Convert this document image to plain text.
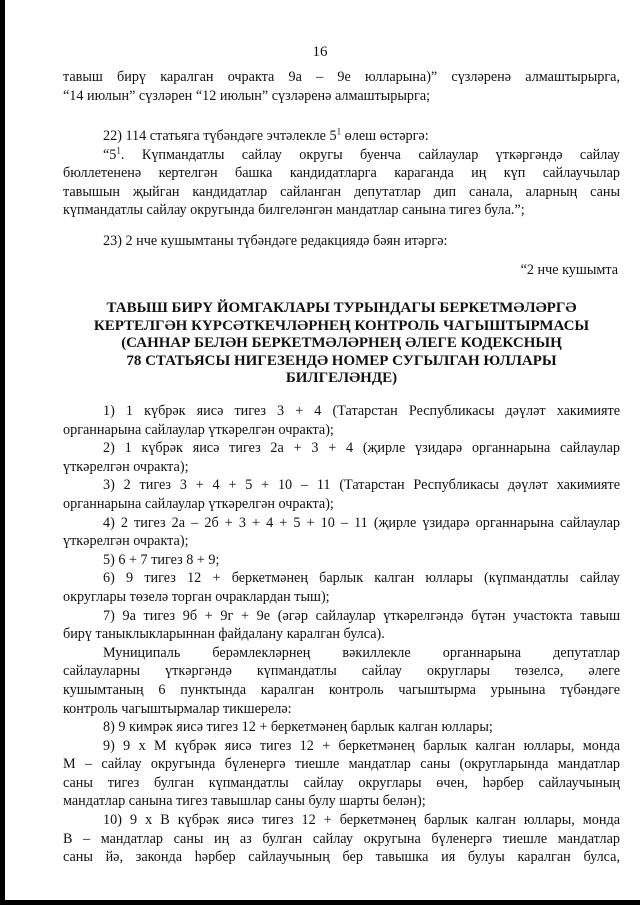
16
тавыш бирү каралган очракта 9а – 9е юлларына)” сүзләренә алмаштырырга,
“14 июлын” сүзләрен “12 июлын” сүзләренә алмаштырырга;
22) 114 статьяга түбәндәге эчтәлекле $5^1$ өлеш өстәргә:
“$5^1$. Күпмандатлы сайлау округы буенча сайлаулар үткәргәндә сайлау
бюллетененә кертелгән башка кандидатларга караганда иң күп сайлаучылар
тавышын җыйган кандидатлар сайланган депутатлар дип санала, аларның саны
күпмандатлы сайлау округында билгеләнгән мандатлар санына тигез була.”;
23) 2 нче кушымтаны түбәндәге редакциядә бәян итәргә:
“2 нче кушымта
ТАВЫШ БИРҮ ЙОМГАКЛАРЫ ТУРЫНДАГЫ БЕРКЕТМӘЛӘРГӘ
КЕРТЕЛГӘН КҮРСӘТКЕЧЛӘРНЕҢ КОНТРОЛЬ ЧАГЫШТЫРМАСЫ
(САННАР БЕЛӘН БЕРКЕТМӘЛӘРНЕҢ ӘЛЕГЕ КОДЕКСНЫҢ
78 СТАТЬЯСЫ НИГЕЗЕНДӘ НОМЕР СУГЫЛГАН ЮЛЛАРЫ
БИЛГЕЛӘНДЕ)
1) 1 күбрәк яисә тигез 3 + 4 (Татарстан Республикасы дәүләт хакимияте
органнарына сайлаулар үткәрелгән очракта);
2) 1 күбрәк яисә тигез 2а + 3 + 4 (җирле үзидарә органнарына сайлаулар
үткәрелгән очракта);
3) 2 тигез 3 + 4 + 5 + 10 – 11 (Татарстан Республикасы дәүләт хакимияте
органнарына сайлаулар үткәрелгән очракта);
4) 2 тигез 2а – 2б + 3 + 4 + 5 + 10 – 11 (җирле үзидарә органнарына сайлаулар
үткәрелгән очракта);
5) 6 + 7 тигез 8 + 9;
6) 9 тигез 12 + беркетмәнең барлык калган юллары (күпмандатлы сайлау
округлары төзелә торган очраклардан тыш);
7) 9а тигез 9б + 9г + 9е (әгәр сайлаулар үткәрелгәндә бүтән участокта тавыш
бирү таныклыкларыннан файдалану каралган булса).
Муниципаль берәмлекләрнең вәкиллекле органнарына депутатлар
сайлауларны үткәргәндә күпмандатлы сайлау округлары төзелсә, әлеге
кушымтаның 6 пунктында каралган контроль чагыштырма урынына түбәндәге
контроль чагыштырмалар тикшерелә:
8) 9 кимрәк яисә тигез 12 + беркетмәнең барлык калган юллары;
9) 9 x M күбрәк яисә тигез 12 + беркетмәнең барлык калган юллары, монда
М – сайлау округында бүленергә тиешле мандатлар саны (округларында мандатлар
саны тигез булган күпмандатлы сайлау округлары өчен, һәрбер сайлаучының
мандатлар санына тигез тавышлар саны булу шарты белән);
10) 9 x В күбрәк яисә тигез 12 + беркетмәнең барлык калган юллары, монда
В – мандатлар саны иң аз булган сайлау округына бүленергә тиешле мандатлар
саны йә, законда һәрбер сайлаучының бер тавышка ия булуы каралган булса,
